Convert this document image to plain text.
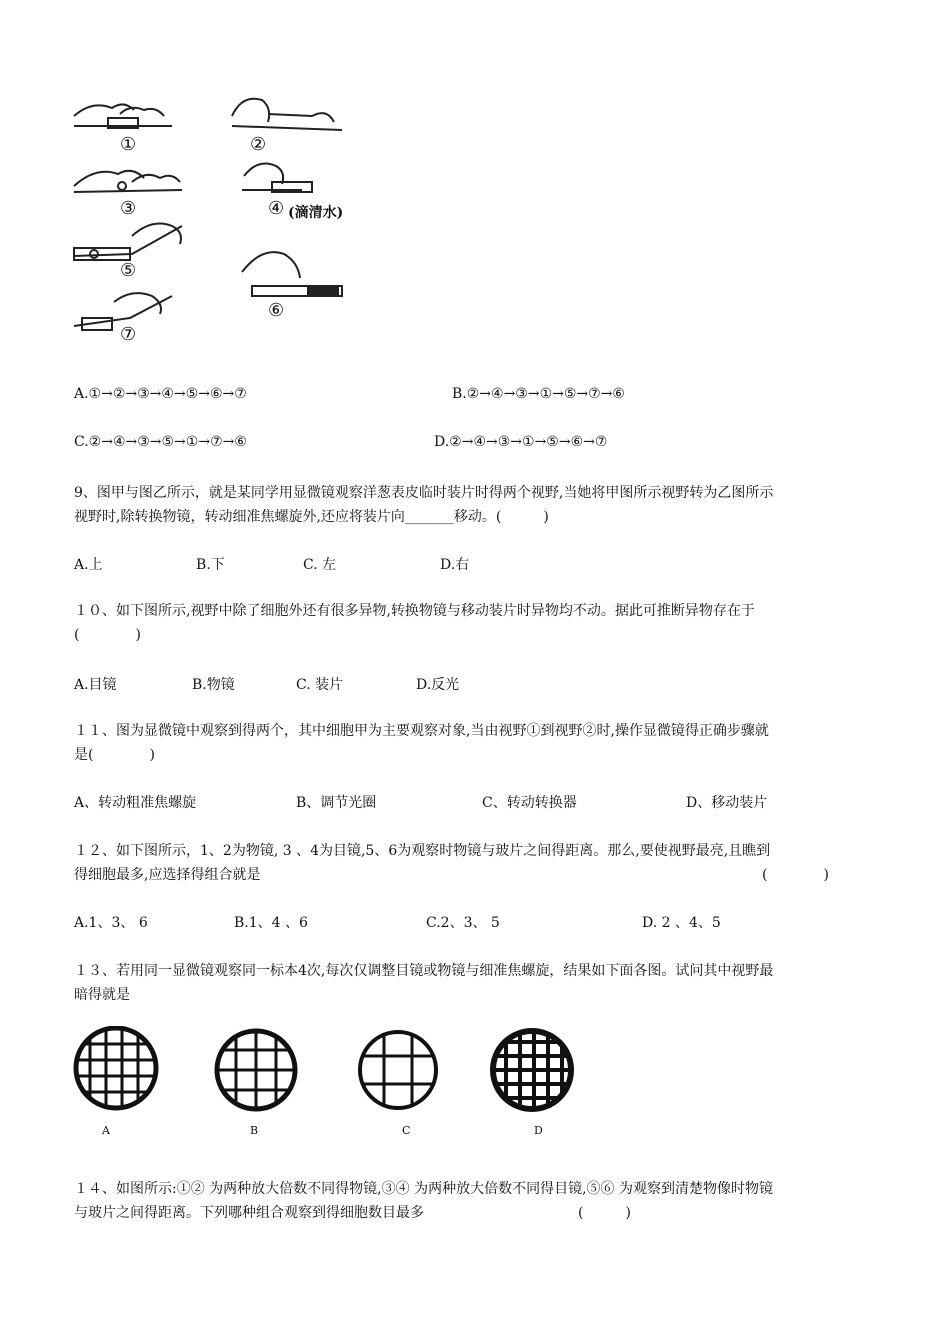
①	②
③	④ (滴清水)
⑤
⑥
⑦
A.①→②→③→④→⑤→⑥→⑦	B.②→④→③→①→⑤→⑦→⑥
C.②→④→③→⑤→①→⑦→⑥	D.②→④→③→①→⑤→⑥→⑦
9、图甲与图乙所示，就是某同学用显微镜观察洋葱表皮临时装片时得两个视野,当她将甲图所示视野转为乙图所示
视野时,除转换物镜，转动细准焦螺旋外,还应将装片向_______移动。(　　　)
A.上	B.下	C. 左	D.右
１０、如下图所示,视野中除了细胞外还有很多异物,转换物镜与移动装片时异物均不动。据此可推断异物存在于
(　　　　)
A.目镜	B.物镜	C. 装片	D.反光
１１、图为显微镜中观察到得两个，其中细胞甲为主要观察对象,当由视野①到视野②时,操作显微镜得正确步骤就
是(　　　　)
A、转动粗准焦螺旋	B、调节光圈	C、转动转换器	D、移动装片
１２、如下图所示，1、2为物镜, 3 、4为目镜,5、6为观察时物镜与玻片之间得距离。那么,要使视野最亮,且瞧到
得细胞最多,应选择得组合就是	(　　　　)
A.1、3、 6	B.1、4 、6	C.2、3、 5	D. 2 、4、5
１３、若用同一显微镜观察同一标本4次,每次仅调整目镜或物镜与细准焦螺旋，结果如下面各图。试问其中视野最
暗得就是
A	B	C	D
１４、如图所示:①② 为两种放大倍数不同得物镜,③④ 为两种放大倍数不同得目镜,⑤⑥ 为观察到清楚物像时物镜
与玻片之间得距离。下列哪种组合观察到得细胞数目最多	(　　　)
